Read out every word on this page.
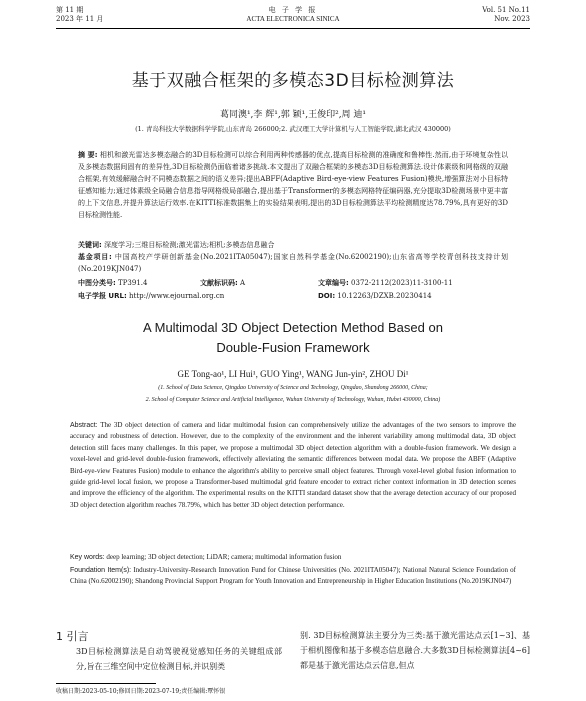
第 11 期
2023 年 11 月
电 子 学 报
ACTA ELECTRONICA SINICA
Vol. 51 No.11
Nov. 2023
基于双融合框架的多模态3D目标检测算法
葛同澳¹,李 辉¹,郭 颖¹,王俊印²,周 迪¹
(1. 青岛科技大学数据科学学院,山东青岛 266000;2. 武汉理工大学计算机与人工智能学院,湖北武汉 430000)
摘 要: 相机和激光雷达多模态融合的3D目标检测可以综合利用两种传感器的优点,提高目标检测的准确度和鲁棒性.然而,由于环境复杂性以及多模态数据间固有的差异性,3D目标检测仍面临着诸多挑战.本文提出了双融合框架的多模态3D目标检测算法.设计体素级和网格级的双融合框架,有效缓解融合时不同模态数据之间的语义差异;提出ABFF(Adaptive Bird-eye-view Features Fusion)模块,增强算法对小目标特征感知能力;通过体素级全局融合信息指导网格级局部融合,提出基于Transformer的多模态网格特征编码器,充分提取3D检测场景中更丰富的上下文信息,并提升算法运行效率.在KITTI标准数据集上的实验结果表明,提出的3D目标检测算法平均检测精度达78.79%,具有更好的3D目标检测性能.
关键词: 深度学习;三维目标检测;激光雷达;相机;多模态信息融合
基金项目: 中国高校产学研创新基金(No.2021ITA05047);国家自然科学基金(No.62002190);山东省高等学校青创科技支持计划(No.2019KJN047)
中图分类号: TP391.4	文献标识码: A	文章编号: 0372-2112(2023)11-3100-11
电子学报 URL: http://www.ejournal.org.cn	DOI: 10.12263/DZXB.20230414
A Multimodal 3D Object Detection Method Based on
Double-Fusion Framework
GE Tong-ao¹, LI Hui¹, GUO Ying¹, WANG Jun-yin², ZHOU Di¹
(1. School of Data Science, Qingdao University of Science and Technology, Qingdao, Shandong 266000, China;
2. School of Computer Science and Artificial Intelligence, Wuhan University of Technology, Wuhan, Hubei 430000, China)
Abstract: The 3D object detection of camera and lidar multimodal fusion can comprehensively utilize the advantages of the two sensors to improve the accuracy and robustness of detection. However, due to the complexity of the environment and the inherent variability among multimodal data, 3D object detection still faces many challenges. In this paper, we propose a multimodal 3D object detection algorithm with a double-fusion framework. We design a voxel-level and grid-level double-fusion framework, effectively alleviating the semantic differences between modal data. We propose the ABFF (Adaptive Bird-eye-view Features Fusion) module to enhance the algorithm's ability to perceive small object features. Through voxel-level global fusion information to guide grid-level local fusion, we propose a Transformer-based multimodal grid feature encoder to extract richer context information in 3D detection scenes and improve the efficiency of the algorithm. The experimental results on the KITTI standard dataset show that the average detection accuracy of our proposed 3D object detection algorithm reaches 78.79%, which has better 3D object detection performance.
Key words: deep learning; 3D object detection; LiDAR; camera; multimodal information fusion
Foundation Item(s): Industry-University-Research Innovation Fund for Chinese Universities (No. 2021ITA05047); National Natural Science Foundation of China (No.62002190); Shandong Provincial Support Program for Youth Innovation and Entrepreneurship in Higher Education Institutions (No.2019KJN047)
1 引言
3D目标检测算法是自动驾驶视觉感知任务的关键组成部分,旨在三维空间中定位检测目标,并识别类
别. 3D目标检测算法主要分为三类:基于激光雷达点云[1~3]、基于相机图像和基于多模态信息融合.大多数3D目标检测算法[4~6]都是基于激光雷达点云信息,但点
收稿日期:2023-05-10;修回日期:2023-07-19;责任编辑:覃怀银
